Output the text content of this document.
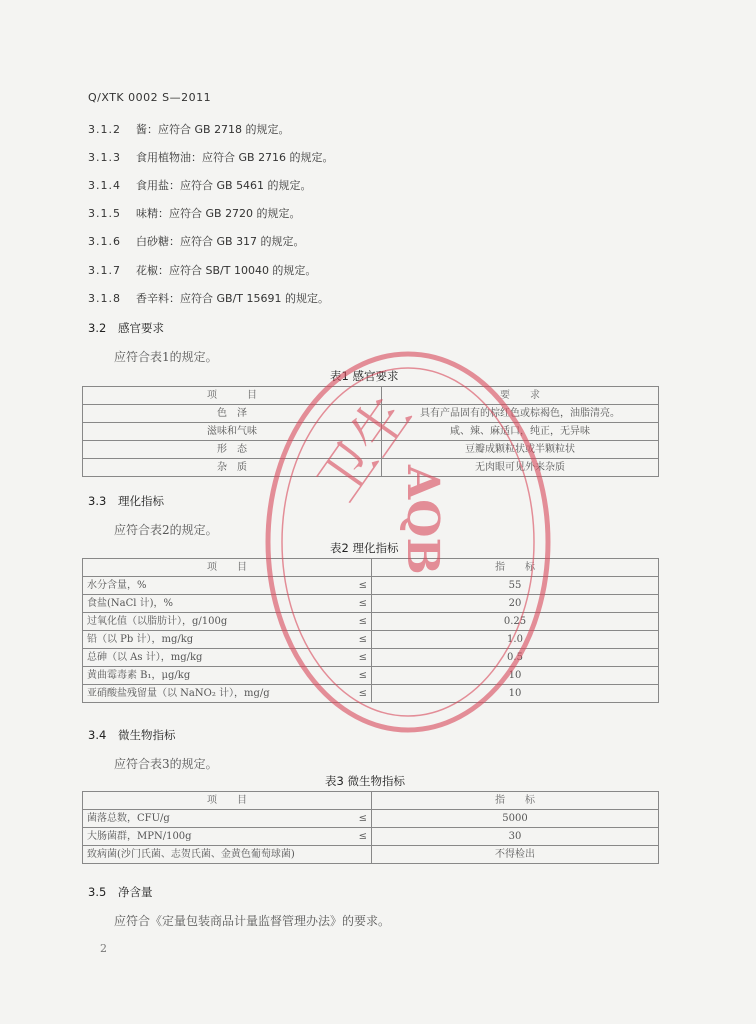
Q/XTK 0002 S—2011
3.1.2 酱：应符合 GB 2718 的规定。
3.1.3 食用植物油：应符合 GB 2716 的规定。
3.1.4 食用盐：应符合 GB 5461 的规定。
3.1.5 味精：应符合 GB 2720 的规定。
3.1.6 白砂糖：应符合 GB 317 的规定。
3.1.7 花椒：应符合 SB/T 10040 的规定。
3.1.8 香辛料：应符合 GB/T 15691 的规定。
3.2 感官要求
应符合表1的规定。
表1 感官要求
项　　　目	要　　求
色　泽	具有产品固有的棕红色或棕褐色，油脂清亮。
滋味和气味	咸、辣、麻适口，纯正，无异味
形　态	豆瓣成颗粒状或半颗粒状
杂　质	无肉眼可见外来杂质
3.3 理化指标
应符合表2的规定。
表2 理化指标
项　　目		指　　标
水分含量，%	≤	55
食盐(NaCl 计)，%	≤	20
过氧化值（以脂肪计），g/100g	≤	0.25
铅（以 Pb 计），mg/kg	≤	1.0
总砷（以 As 计），mg/kg	≤	0.5
黄曲霉毒素 B₁，μg/kg	≤	10
亚硝酸盐残留量（以 NaNO₂ 计），mg/g	≤	10
3.4 微生物指标
应符合表3的规定。
表3 微生物指标
项　　目		指　　标
菌落总数，CFU/g	≤	5000
大肠菌群，MPN/100g	≤	30
致病菌(沙门氏菌、志贺氏菌、金黄色葡萄球菌)		不得检出
3.5 净含量
应符合《定量包装商品计量监督管理办法》的要求。
2
卫生
AQB
